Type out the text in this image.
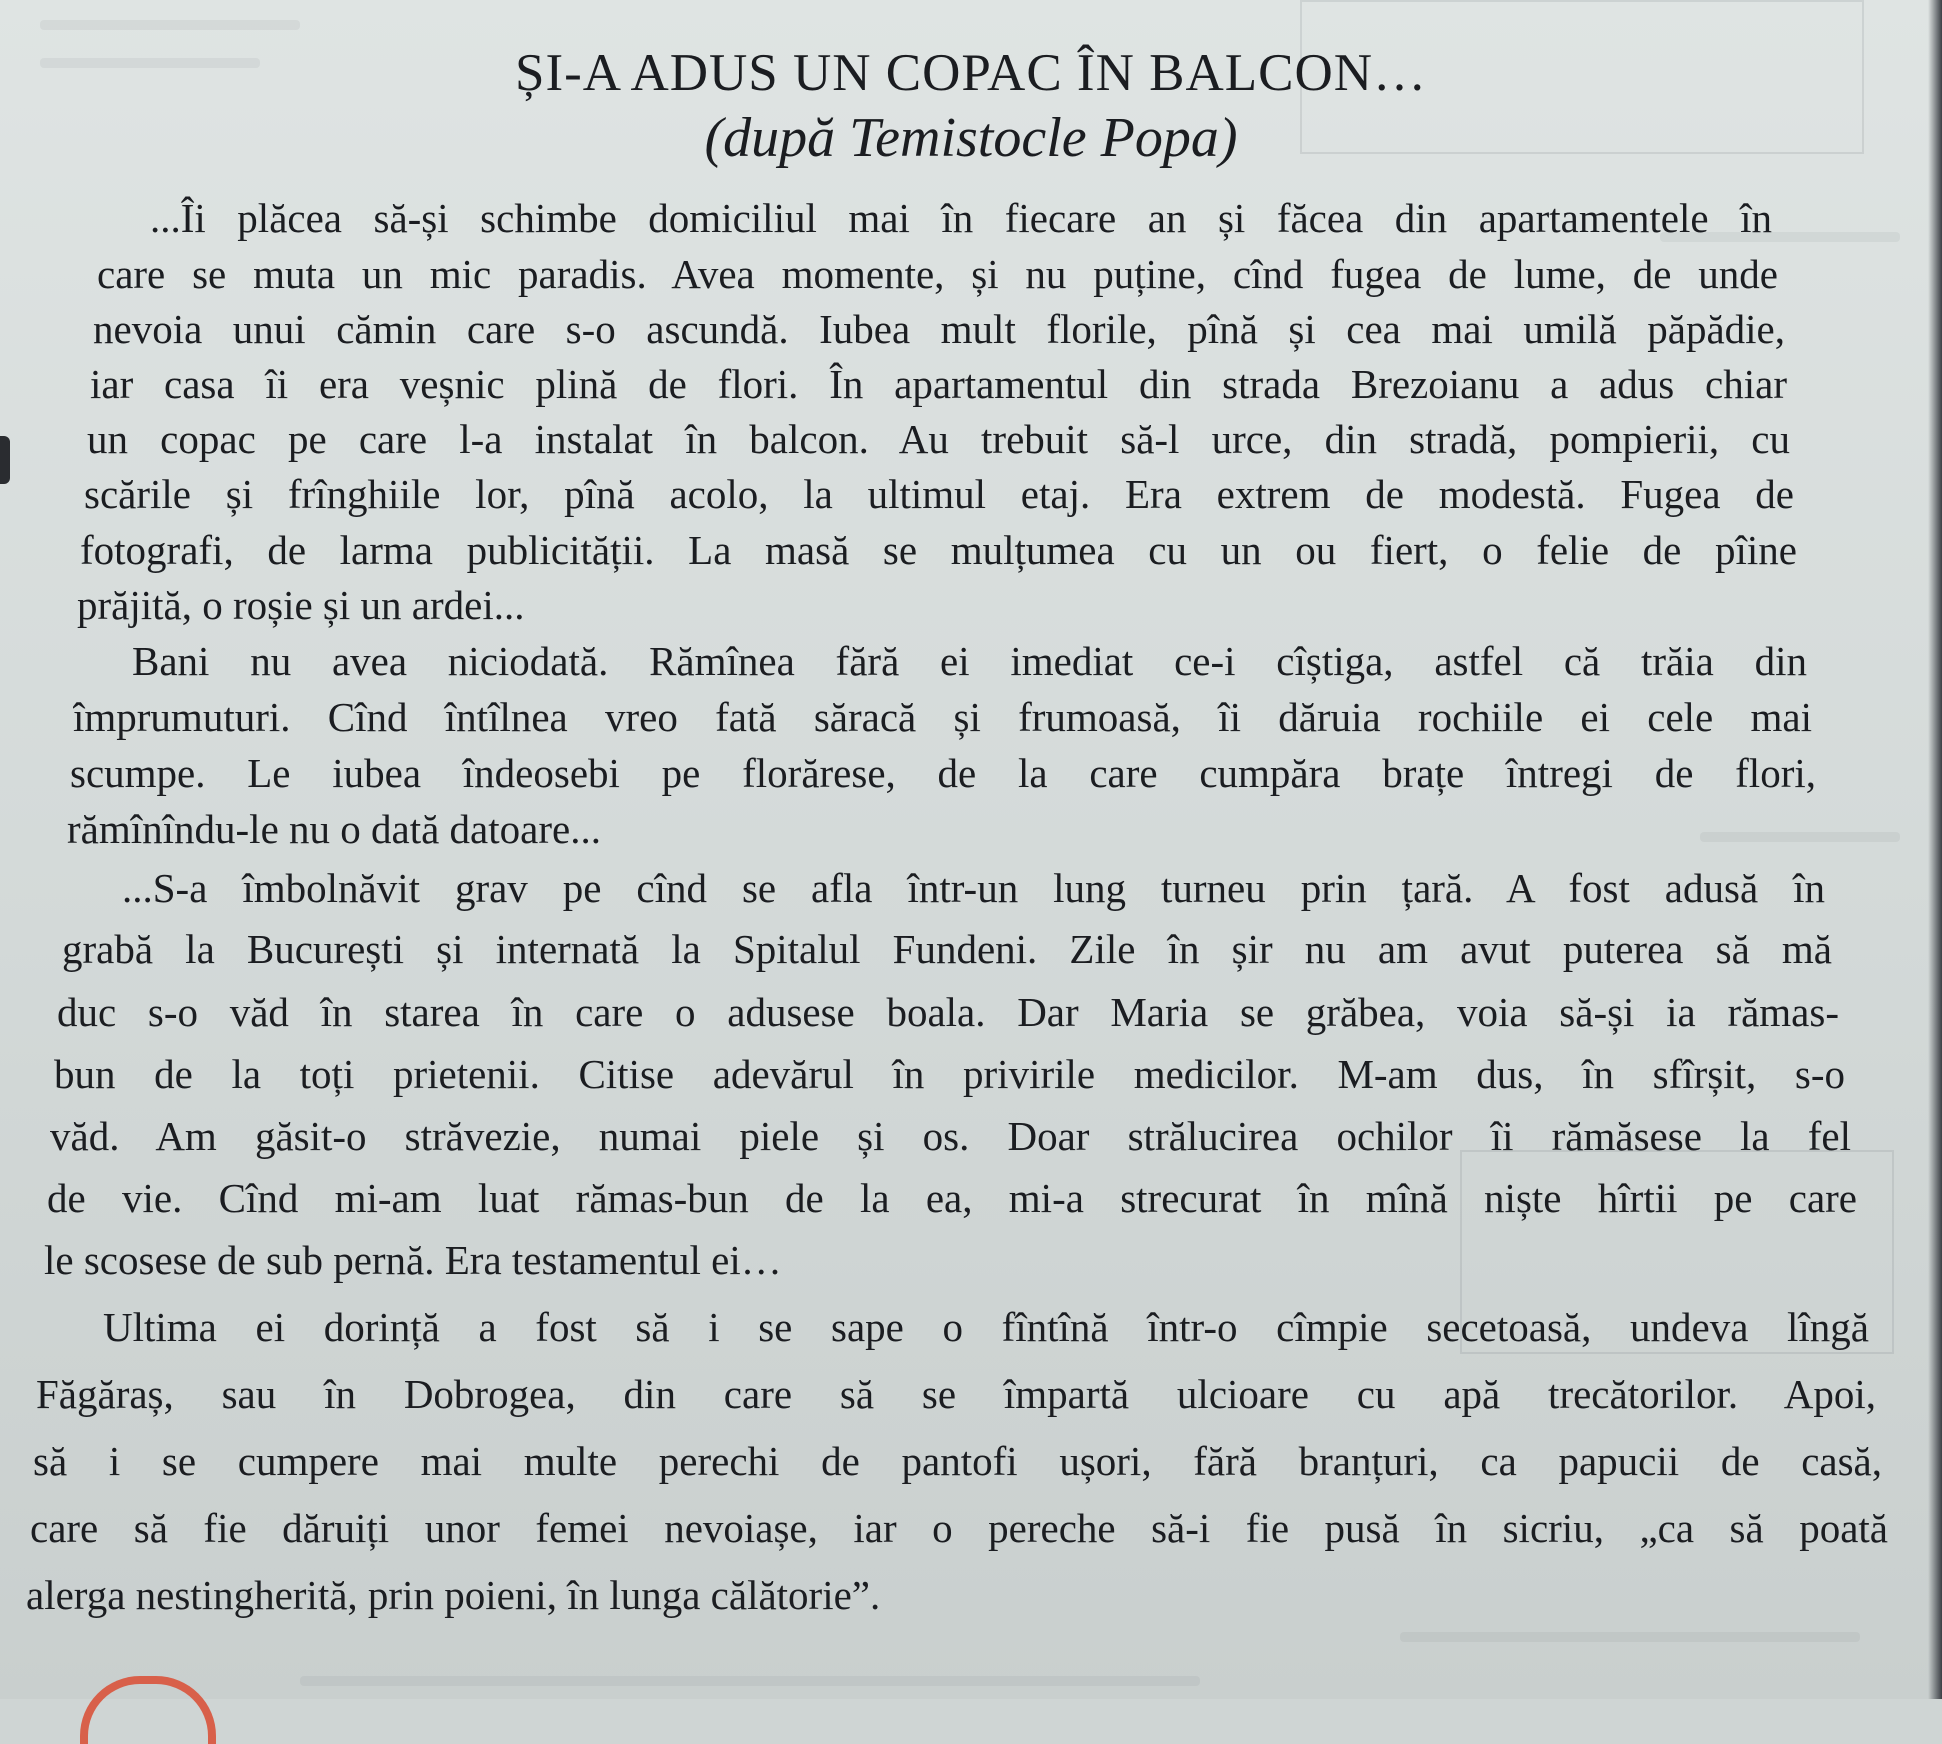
ȘI-A ADUS UN COPAC ÎN BALCON…
(după Temistocle Popa)
...Îi plăcea să-și schimbe domiciliul mai în fiecare an și făcea din apartamentele în
care se muta un mic paradis. Avea momente, și nu puține, cînd fugea de lume, de unde
nevoia unui cămin care s-o ascundă. Iubea mult florile, pînă și cea mai umilă păpădie,
iar casa îi era veșnic plină de flori. În apartamentul din strada Brezoianu a adus chiar
un copac pe care l-a instalat în balcon. Au trebuit să-l urce, din stradă, pompierii, cu
scările și frînghiile lor, pînă acolo, la ultimul etaj. Era extrem de modestă. Fugea de
fotografi, de larma publicității. La masă se mulțumea cu un ou fiert, o felie de pîine
prăjită, o roșie și un ardei...
Bani nu avea niciodată. Rămînea fără ei imediat ce-i cîștiga, astfel că trăia din
împrumuturi. Cînd întîlnea vreo fată săracă și frumoasă, îi dăruia rochiile ei cele mai
scumpe. Le iubea îndeosebi pe florărese, de la care cumpăra brațe întregi de flori,
rămînîndu-le nu o dată datoare...
...S-a îmbolnăvit grav pe cînd se afla într-un lung turneu prin țară. A fost adusă în
grabă la București și internată la Spitalul Fundeni. Zile în șir nu am avut puterea să mă
duc s-o văd în starea în care o adusese boala. Dar Maria se grăbea, voia să-și ia rămas-
bun de la toți prietenii. Citise adevărul în privirile medicilor. M-am dus, în sfîrșit, s-o
văd. Am găsit-o străvezie, numai piele și os. Doar strălucirea ochilor îi rămăsese la fel
de vie. Cînd mi-am luat rămas-bun de la ea, mi-a strecurat în mînă niște hîrtii pe care
le scosese de sub pernă. Era testamentul ei…
Ultima ei dorință a fost să i se sape o fîntînă într-o cîmpie secetoasă, undeva lîngă
Făgăraș, sau în Dobrogea, din care să se împartă ulcioare cu apă trecătorilor. Apoi,
să i se cumpere mai multe perechi de pantofi ușori, fără branțuri, ca papucii de casă,
care să fie dăruiți unor femei nevoiașe, iar o pereche să-i fie pusă în sicriu, „ca să poată
alerga nestingherită, prin poieni, în lunga călătorie”.
